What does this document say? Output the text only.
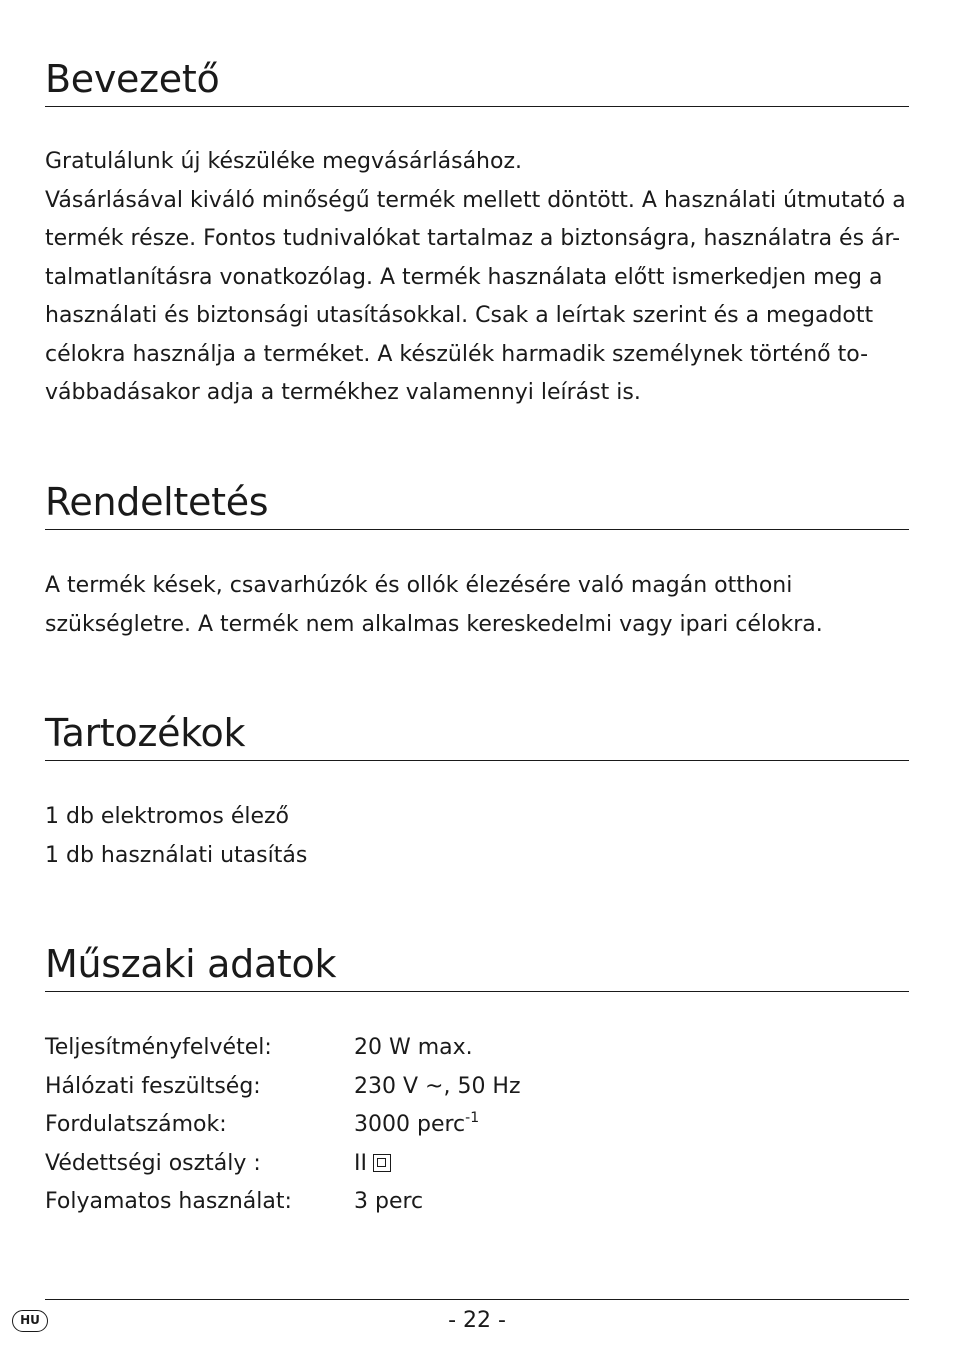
Bevezető
Gratulálunk új készüléke megvásárlásához.
Vásárlásával kiváló minőségű termék mellett döntött. A használati útmutató a
termék része. Fontos tudnivalókat tartalmaz a biztonságra, használatra és ár-
talmatlanításra vonatkozólag. A termék használata előtt ismerkedjen meg a
használati és biztonsági utasításokkal. Csak a leírtak szerint és a megadott
célokra használja a terméket. A készülék harmadik személynek történő to-
vábbadásakor adja a termékhez valamennyi leírást is.
Rendeltetés
A termék kések, csavarhúzók és ollók élezésére való magán otthoni
szükségletre. A termék nem alkalmas kereskedelmi vagy ipari célokra.
Tartozékok
1 db elektromos élező
1 db használati utasítás
Műszaki adatok
Teljesítményfelvétel:	20 W max.
Hálózati feszültség:	230 V ~, 50 Hz
Fordulatszámok:	3000 perc$^{-1}$
Védettségi osztály :	II
Folyamatos használat:	3 perc
HU	- 22 -
